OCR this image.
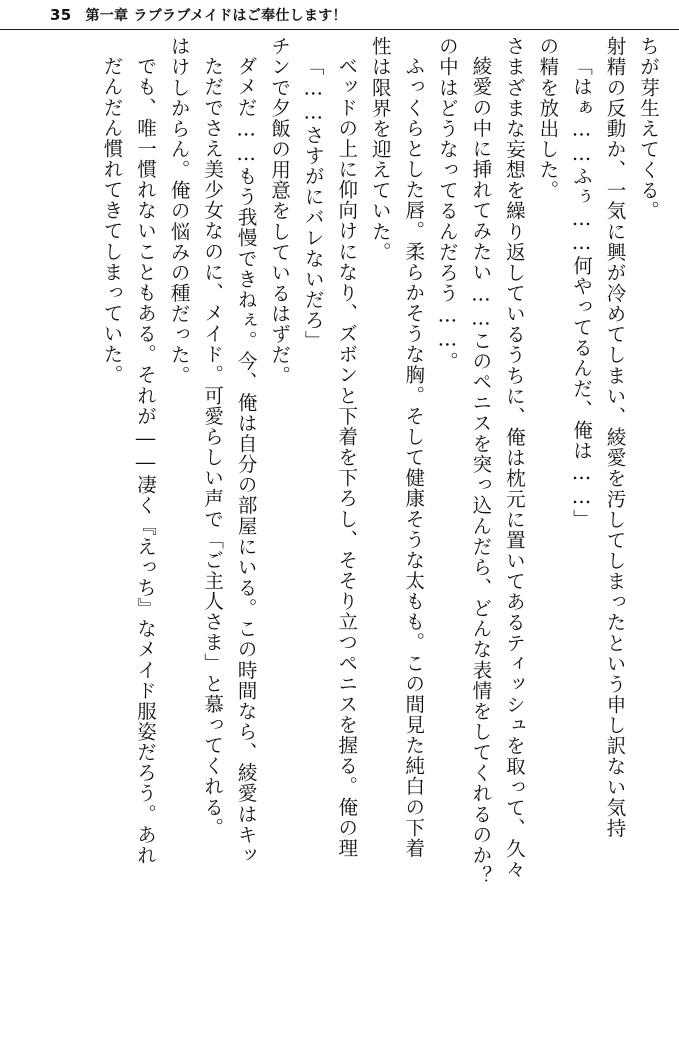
35 第一章 ラブラブメイドはご奉仕します！

ちが芽生えてくる。

射精の反動か、一気に興が冷めてしまい、綾愛を汚してしまったという申し訳ない気持

「はぁ……ふぅ……何やってるんだ、俺は……」

の精を放出した。

さまざまな妄想を繰り返しているうちに、俺は枕元に置いてあるティッシュを取って、久々

綾愛の中に挿れてみたい……このペニスを突っ込んだら、どんな表情をしてくれるのか？

の中はどうなってるんだろう……。

ふっくらとした唇。柔らかそうな胸。そして健康そうな太もも。この間見た純白の下着

性は限界を迎えていた。

ベッドの上に仰向けになり、ズボンと下着を下ろし、そそり立つペニスを握る。俺の理

「……さすがにバレないだろ」

チンで夕飯の用意をしているはずだ。

ダメだ……もう我慢できねぇ。今、俺は自分の部屋にいる。この時間なら、綾愛はキッ

ただでさえ美少女なのに、メイド。可愛らしい声で「ご主人さま」と慕ってくれる。

はけしからん。俺の悩みの種だった。

でも、唯一慣れないこともある。それが――凄く『えっち』なメイド服姿だろう。あれ

だんだん慣れてきてしまっていた。
